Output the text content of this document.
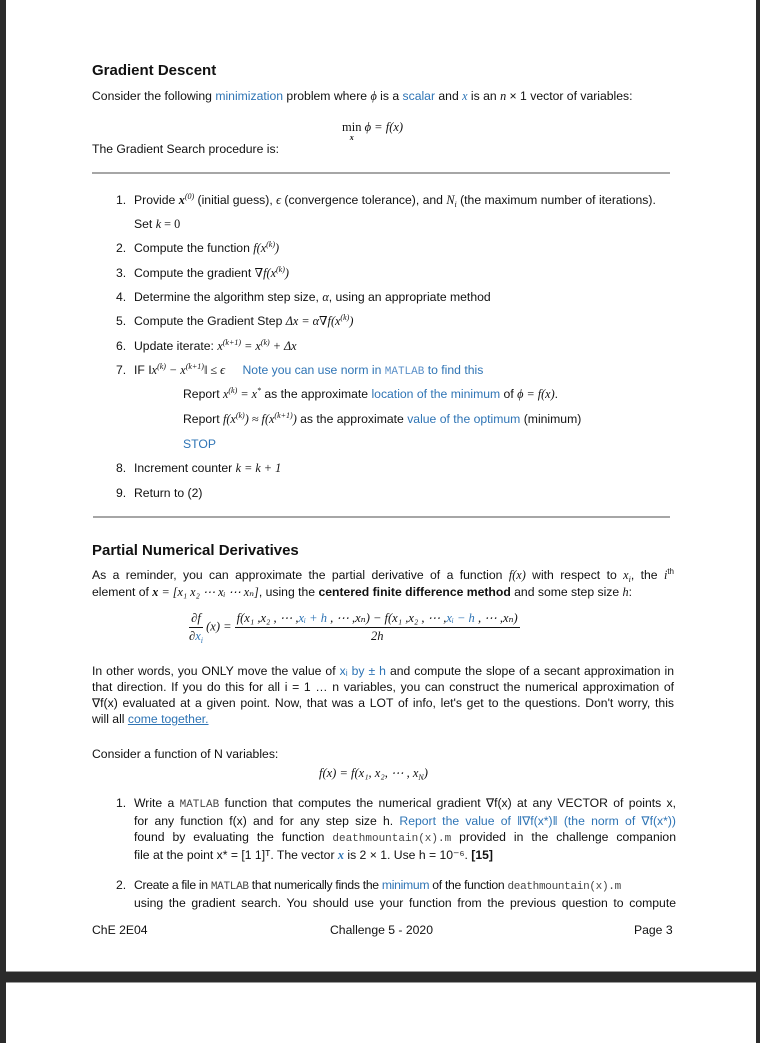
Gradient Descent
Consider the following minimization problem where ϕ is a scalar and x is an n × 1 vector of variables:
min
x
ϕ = f(x)
The Gradient Search procedure is:
1. Provide $x^{(0)}$ (initial guess), ϵ (convergence tolerance), and $N_i$ (the maximum number of iterations).
Set k = 0
2. Compute the function $f(x^{(k)})$
3. Compute the gradient $\nabla f(x^{(k)})$
4. Determine the algorithm step size, α, using an appropriate method
5. Compute the Gradient Step $\Delta x = \alpha\nabla f(x^{(k)})$
6. Update iterate: $x^{(k+1)} = x^{(k)} + \Delta x$
7. IF $‖x^{(k)}$ − $x^{(k+1)}‖ \le \epsilon$ Note you can use norm in MATLAB to find this
Report $x^{(k)} = x^*$ as the approximate location of the minimum of ϕ = f(x).
Report $f(x^{(k)}) \approx f(x^{(k+1)})$ as the approximate value of the optimum (minimum)
STOP
8. Increment counter k = k + 1
9. Return to (2)
Partial Numerical Derivatives
As a reminder, you can approximate the partial derivative of a function f(x) with respect to $x_i$, the $i^{th}$
element of x = [x₁ x₂ ⋯ xᵢ ⋯ xₙ], using the centered finite difference method and some step size h:
$\frac{\partial f}{\partial x_i} (x)$ =
f(x₁ ,x₂ , ⋯ ,xᵢ + h , ⋯ ,xₙ) − f(x₁ ,x₂ , ⋯ ,xᵢ − h , ⋯ ,xₙ)
2h
In other words, you ONLY move the value of xᵢ by ± h and compute the slope of a secant approximation in
that direction. If you do this for all i = 1 … n variables, you can construct the numerical approximation of
∇f(x) evaluated at a given point. Now, that was a LOT of info, let's get to the questions. Don't worry, this
will all come together.
Consider a function of N variables:
f(x) = f(x₁, x₂, ⋯ , $x_N$)
1. Write a MATLAB function that computes the numerical gradient ∇f(x) at any VECTOR of points x,
for any function f(x) and for any step size h. Report the value of ‖∇f(x*)‖ (the norm of ∇f(x*))
found by evaluating the function deathmountain(x).m provided in the challenge companion
file at the point x* = [1 1]ᵀ. The vector x is 2 × 1. Use h = 10⁻⁶. [15]
2. Create a file in MATLAB that numerically finds the minimum of the function deathmountain(x).m
using the gradient search. You should use your function from the previous question to compute
ChE 2E04	Challenge 5 - 2020	Page 3
